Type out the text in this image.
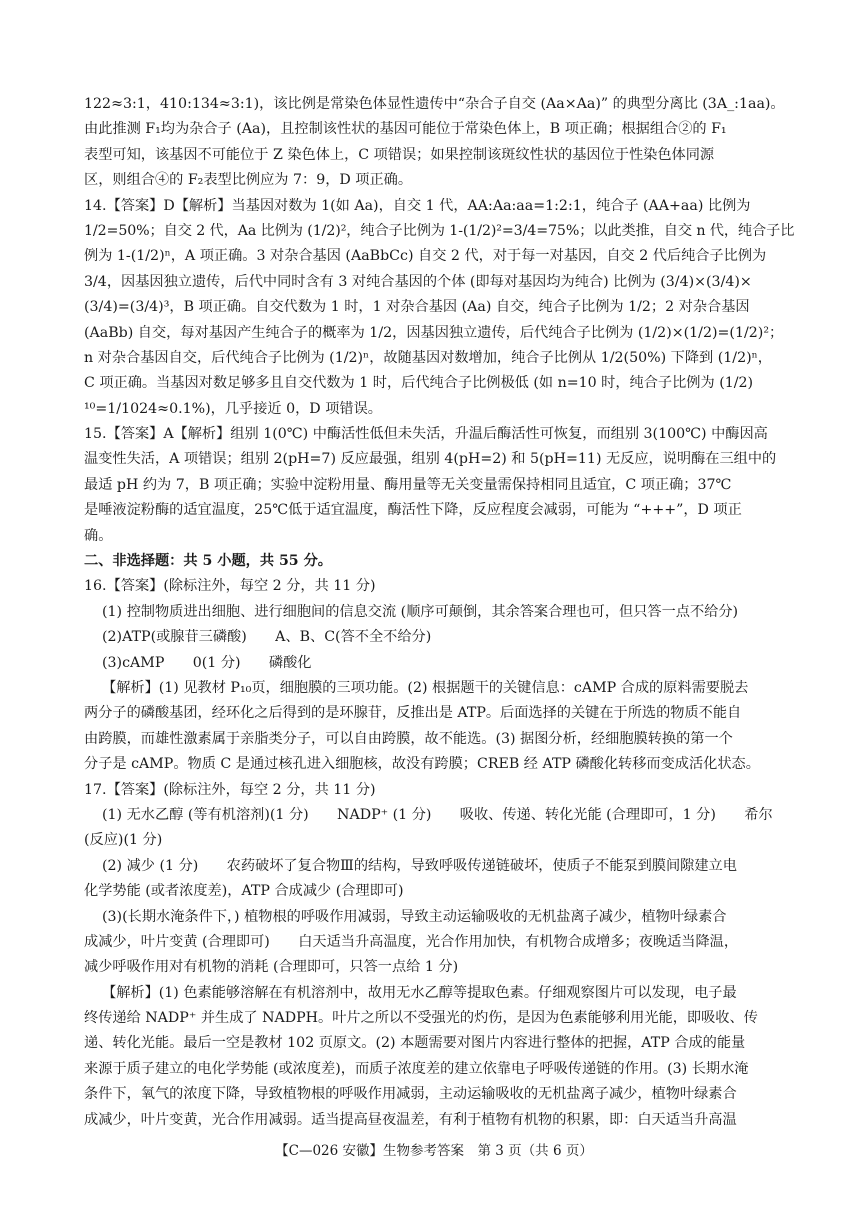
122≈3:1，410:134≈3:1)，该比例是常染色体显性遗传中“杂合子自交 (Aa×Aa)” 的典型分离比 (3A_:1aa)。
由此推测 F₁均为杂合子 (Aa)，且控制该性状的基因可能位于常染色体上，B 项正确；根据组合②的 F₁
表型可知，该基因不可能位于 Z 染色体上，C 项错误；如果控制该斑纹性状的基因位于性染色体同源
区，则组合④的 F₂表型比例应为 7：9，D 项正确。
14.【答案】D【解析】当基因对数为 1(如 Aa)，自交 1 代，AA:Aa:aa=1:2:1，纯合子 (AA+aa) 比例为
1/2=50%；自交 2 代，Aa 比例为 (1/2)²，纯合子比例为 1-(1/2)²=3/4=75%；以此类推，自交 n 代，纯合子比
例为 1-(1/2)ⁿ，A 项正确。3 对杂合基因 (AaBbCc) 自交 2 代，对于每一对基因，自交 2 代后纯合子比例为
3/4，因基因独立遗传，后代中同时含有 3 对纯合基因的个体 (即每对基因均为纯合) 比例为 (3/4)×(3/4)×
(3/4)=(3/4)³，B 项正确。自交代数为 1 时，1 对杂合基因 (Aa) 自交，纯合子比例为 1/2；2 对杂合基因
(AaBb) 自交，每对基因产生纯合子的概率为 1/2，因基因独立遗传，后代纯合子比例为 (1/2)×(1/2)=(1/2)²；
n 对杂合基因自交，后代纯合子比例为 (1/2)ⁿ，故随基因对数增加，纯合子比例从 1/2(50%) 下降到 (1/2)ⁿ，
C 项正确。当基因对数足够多且自交代数为 1 时，后代纯合子比例极低 (如 n=10 时，纯合子比例为 (1/2)
¹⁰=1/1024≈0.1%)，几乎接近 0，D 项错误。
15.【答案】A【解析】组别 1(0℃) 中酶活性低但未失活，升温后酶活性可恢复，而组别 3(100℃) 中酶因高
温变性失活，A 项错误；组别 2(pH=7) 反应最强，组别 4(pH=2) 和 5(pH=11) 无反应，说明酶在三组中的
最适 pH 约为 7，B 项正确；实验中淀粉用量、酶用量等无关变量需保持相同且适宜，C 项正确；37℃
是唾液淀粉酶的适宜温度，25℃低于适宜温度，酶活性下降，反应程度会减弱，可能为 “+++”，D 项正
确。
二、非选择题：共 5 小题，共 55 分。
16.【答案】(除标注外，每空 2 分，共 11 分)
(1) 控制物质进出细胞、进行细胞间的信息交流 (顺序可颠倒，其余答案合理也可，但只答一点不给分)
(2)ATP(或腺苷三磷酸)　　A、B、C(答不全不给分)
(3)cAMP　　0(1 分)　　磷酸化
【解析】(1) 见教材 P₁₀页，细胞膜的三项功能。(2) 根据题干的关键信息：cAMP 合成的原料需要脱去
两分子的磷酸基团，经环化之后得到的是环腺苷，反推出是 ATP。后面选择的关键在于所选的物质不能自
由跨膜，而雄性激素属于亲脂类分子，可以自由跨膜，故不能选。(3) 据图分析，经细胞膜转换的第一个
分子是 cAMP。物质 C 是通过核孔进入细胞核，故没有跨膜；CREB 经 ATP 磷酸化转移而变成活化状态。
17.【答案】(除标注外，每空 2 分，共 11 分)
(1) 无水乙醇 (等有机溶剂)(1 分)　　NADP⁺ (1 分)　　吸收、传递、转化光能 (合理即可，1 分)　　希尔
(反应)(1 分)
(2) 减少 (1 分)　　农药破坏了复合物Ⅲ的结构，导致呼吸传递链破坏，使质子不能泵到膜间隙建立电
化学势能 (或者浓度差)，ATP 合成减少 (合理即可)
(3)(长期水淹条件下，) 植物根的呼吸作用减弱，导致主动运输吸收的无机盐离子减少，植物叶绿素合
成减少，叶片变黄 (合理即可)　　白天适当升高温度，光合作用加快，有机物合成增多；夜晚适当降温，
减少呼吸作用对有机物的消耗 (合理即可，只答一点给 1 分)
【解析】(1) 色素能够溶解在有机溶剂中，故用无水乙醇等提取色素。仔细观察图片可以发现，电子最
终传递给 NADP⁺ 并生成了 NADPH。叶片之所以不受强光的灼伤，是因为色素能够利用光能，即吸收、传
递、转化光能。最后一空是教材 102 页原文。(2) 本题需要对图片内容进行整体的把握，ATP 合成的能量
来源于质子建立的电化学势能 (或浓度差)，而质子浓度差的建立依靠电子呼吸传递链的作用。(3) 长期水淹
条件下，氧气的浓度下降，导致植物根的呼吸作用减弱，主动运输吸收的无机盐离子减少，植物叶绿素合
成减少，叶片变黄，光合作用减弱。适当提高昼夜温差，有利于植物有机物的积累，即：白天适当升高温
【C—026 安徽】生物参考答案　第 3 页（共 6 页）
